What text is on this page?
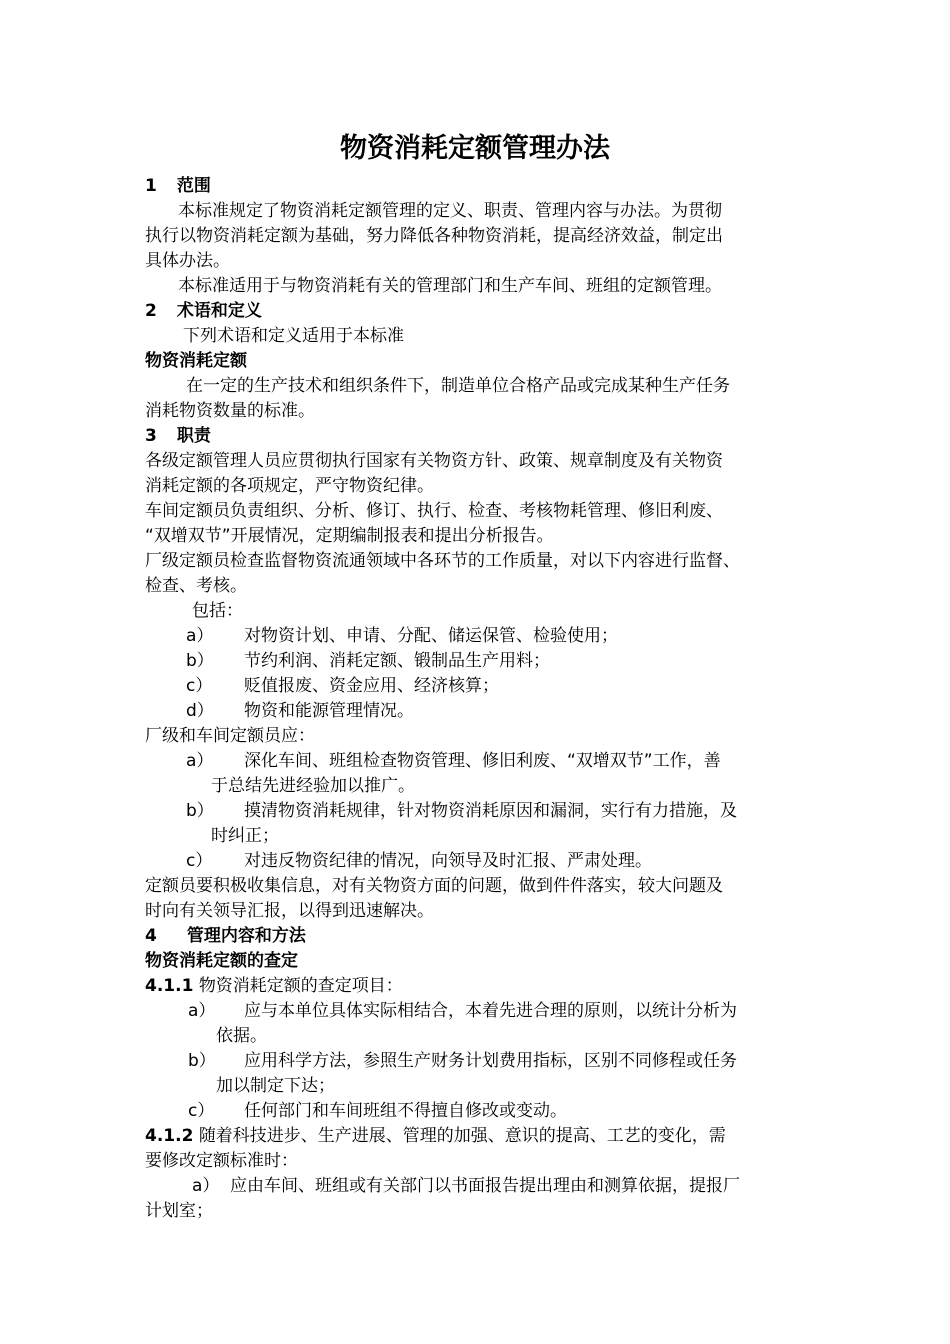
物资消耗定额管理办法
1 范围
本标准规定了物资消耗定额管理的定义、职责、管理内容与办法。为贯彻
执行以物资消耗定额为基础，努力降低各种物资消耗，提高经济效益，制定出
具体办法。
本标准适用于与物资消耗有关的管理部门和生产车间、班组的定额管理。
2 术语和定义
下列术语和定义适用于本标准
物资消耗定额
在一定的生产技术和组织条件下，制造单位合格产品或完成某种生产任务
消耗物资数量的标准。
3 职责
各级定额管理人员应贯彻执行国家有关物资方针、政策、规章制度及有关物资
消耗定额的各项规定，严守物资纪律。
车间定额员负责组织、分析、修订、执行、检查、考核物耗管理、修旧利废、
“双增双节”开展情况，定期编制报表和提出分析报告。
厂级定额员检查监督物资流通领域中各环节的工作质量，对以下内容进行监督、
检查、考核。
包括：
a） 对物资计划、申请、分配、储运保管、检验使用；
b） 节约利润、消耗定额、锻制品生产用料；
c） 贬值报废、资金应用、经济核算；
d） 物资和能源管理情况。
厂级和车间定额员应：
a） 深化车间、班组检查物资管理、修旧利废、“双增双节”工作，善
于总结先进经验加以推广。
b） 摸清物资消耗规律，针对物资消耗原因和漏洞，实行有力措施，及
时纠正；
c） 对违反物资纪律的情况，向领导及时汇报、严肃处理。
定额员要积极收集信息，对有关物资方面的问题，做到件件落实，较大问题及
时向有关领导汇报，以得到迅速解决。
4 管理内容和方法
物资消耗定额的查定
4.1.1 物资消耗定额的查定项目：
a） 应与本单位具体实际相结合，本着先进合理的原则，以统计分析为
依据。
b） 应用科学方法，参照生产财务计划费用指标，区别不同修程或任务
加以制定下达；
c） 任何部门和车间班组不得擅自修改或变动。
4.1.2 随着科技进步、生产进展、管理的加强、意识的提高、工艺的变化，需
要修改定额标准时：
a） 应由车间、班组或有关部门以书面报告提出理由和测算依据，提报厂
计划室；
